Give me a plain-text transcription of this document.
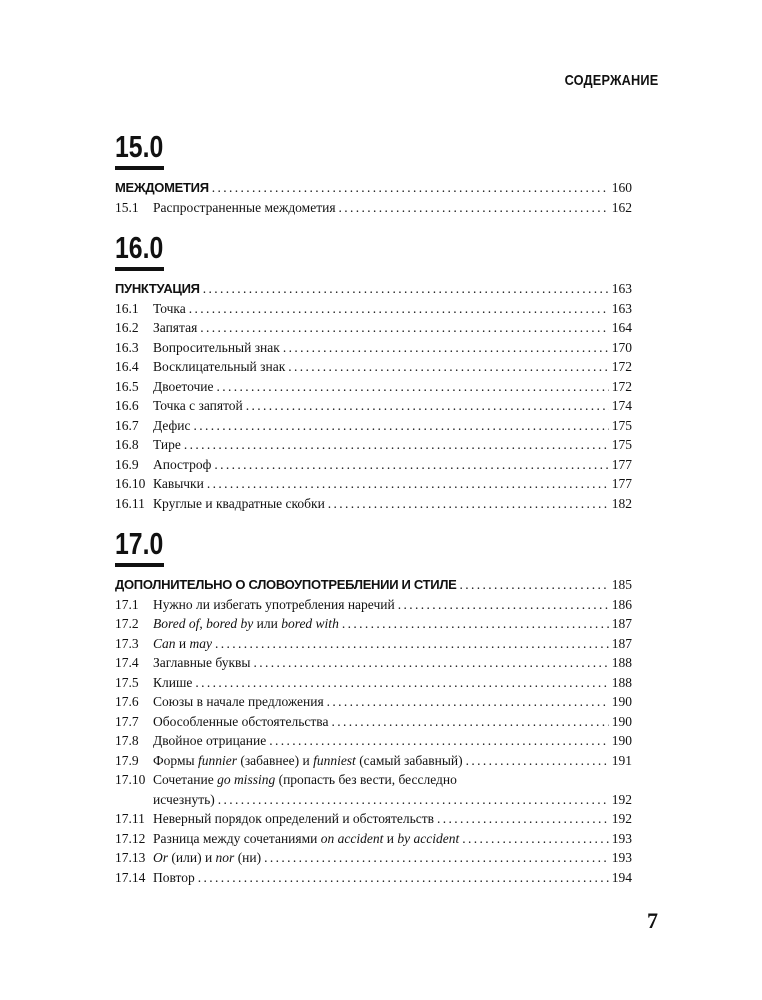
СОДЕРЖАНИЕ
15.0
МЕЖДОМЕТИЯ . . .	160
15.1 Распространенные междометия . . .	162
16.0
ПУНКТУАЦИЯ . . .	163
16.1 Точка . . .	163
16.2 Запятая . . .	164
16.3 Вопросительный знак . . .	170
16.4 Восклицательный знак . . .	172
16.5 Двоеточие . . .	172
16.6 Точка с запятой . . .	174
16.7 Дефис . . .	175
16.8 Тире . . .	175
16.9 Апостроф . . .	177
16.10 Кавычки . . .	177
16.11 Круглые и квадратные скобки . . .	182
17.0
ДОПОЛНИТЕЛЬНО О СЛОВОУПОТРЕБЛЕНИИ И СТИЛЕ . . .	185
17.1 Нужно ли избегать употребления наречий . . .	186
17.2 Bored of, bored by или bored with . . .	187
17.3 Can и may . . .	187
17.4 Заглавные буквы . . .	188
17.5 Клише . . .	188
17.6 Союзы в начале предложения . . .	190
17.7 Обособленные обстоятельства . . .	190
17.8 Двойное отрицание . . .	190
17.9 Формы funnier (забавнее) и funniest (самый забавный) . . .	191
17.10 Сочетание go missing (пропасть без вести, бесследно
исчезнуть) . . .	192
17.11 Неверный порядок определений и обстоятельств . . .	192
17.12 Разница между сочетаниями on accident и by accident . . .	193
17.13 Or (или) и nor (ни) . . .	193
17.14 Повтор . . .	194
7
